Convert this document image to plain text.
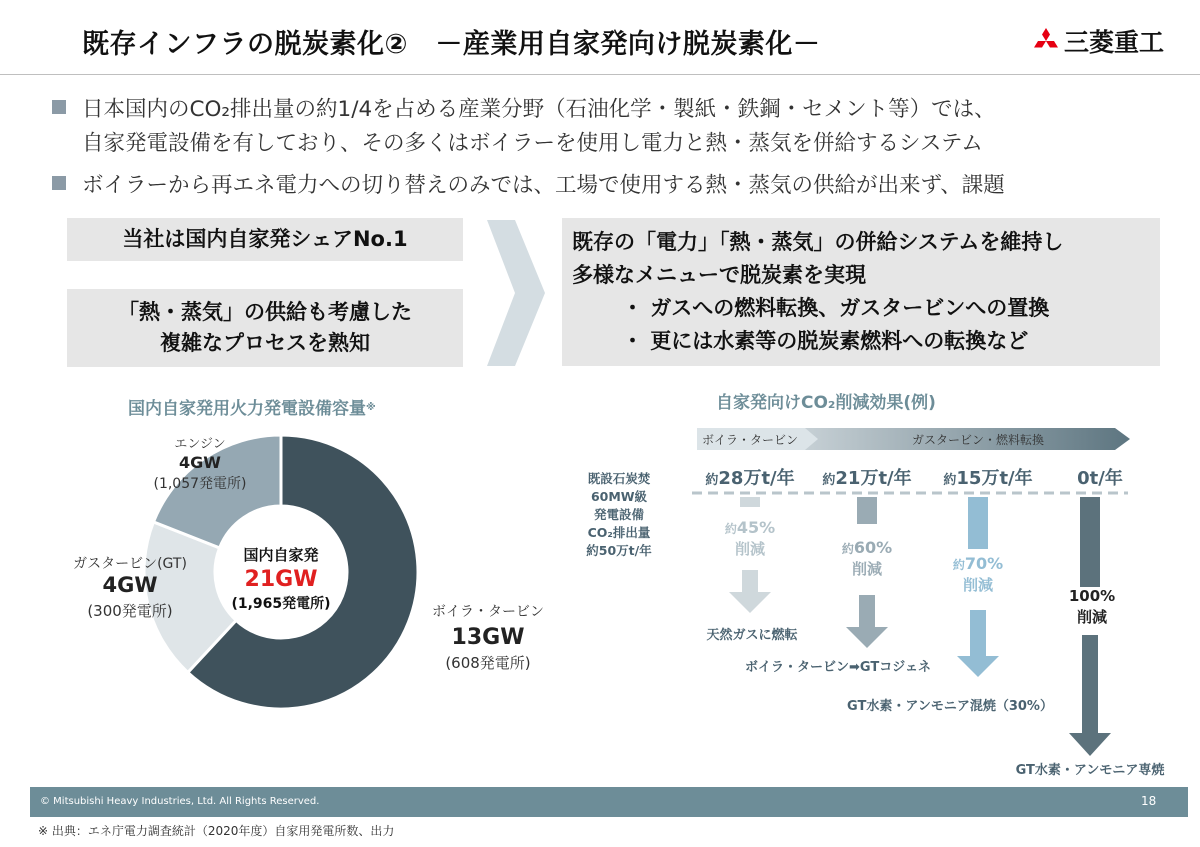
既存インフラの脱炭素化②　－産業用自家発向け脱炭素化－	三菱重工
日本国内のCO₂排出量の約1/4を占める産業分野（石油化学・製紙・鉄鋼・セメント等）では、
自家発電設備を有しており、その多くはボイラーを使用し電力と熱・蒸気を併給するシステム
ボイラーから再エネ電力への切り替えのみでは、工場で使用する熱・蒸気の供給が出来ず、課題
当社は国内自家発シェアNo.1
「熱・蒸気」の供給も考慮した
複雑なプロセスを熟知
既存の「電力」「熱・蒸気」の併給システムを維持し
多様なメニューで脱炭素を実現
・ ガスへの燃料転換、ガスタービンへの置換
・ 更には水素等の脱炭素燃料への転換など
国内自家発用火力発電設備容量※
国内自家発
21GW
(1,965発電所)
エンジン
4GW
(1,057発電所)
ガスタービン(GT)
4GW
(300発電所)	ボイラ・タービン
13GW
(608発電所)
自家発向けCO₂削減効果(例)
ボイラ・タービン	ガスタービン・燃料転換
既設石炭焚
60MW級
発電設備
CO₂排出量
約50万t/年
約28万t/年
約45%
削減
天然ガスに燃転
約21万t/年
約60%
削減
ボイラ・タービン➡GTコジェネ
約15万t/年
約70%
削減
GT水素・アンモニア混焼（30%）
0t/年
100%
削減
GT水素・アンモニア専焼
© Mitsubishi Heavy Industries, Ltd. All Rights Reserved.	18
※ 出典：エネ庁電力調査統計（2020年度）自家用発電所数、出力
